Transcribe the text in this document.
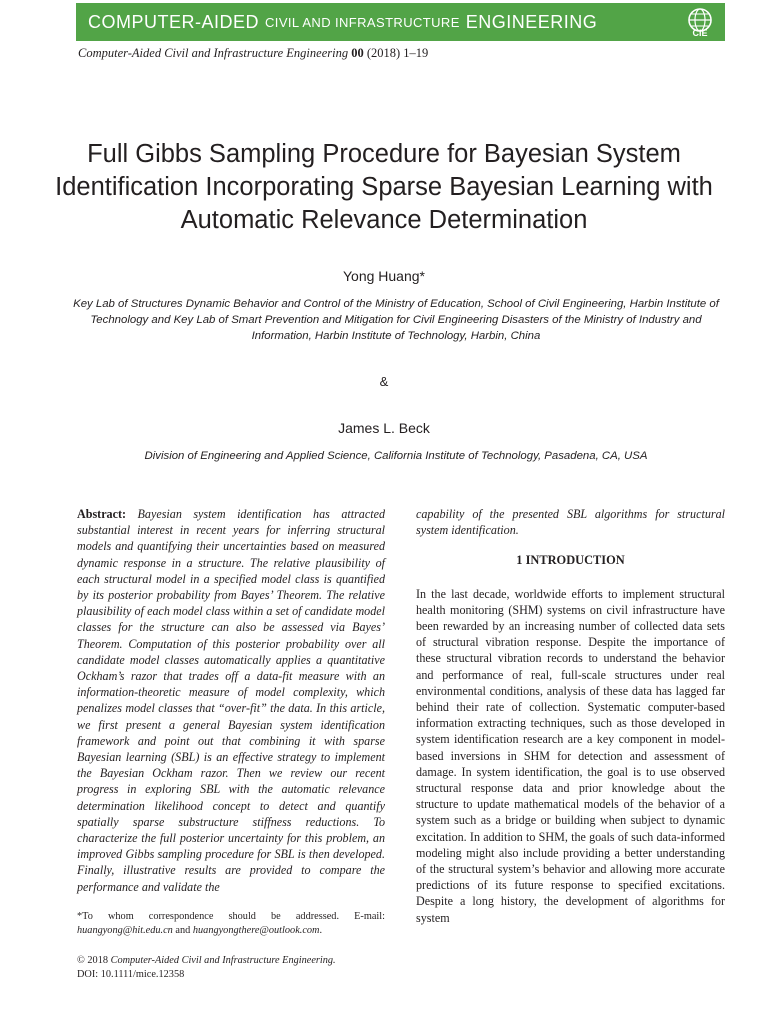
COMPUTER-AIDED CIVIL AND INFRASTRUCTURE ENGINEERING
CIE
Computer-Aided Civil and Infrastructure Engineering 00 (2018) 1–19
Full Gibbs Sampling Procedure for Bayesian System Identification Incorporating Sparse Bayesian Learning with Automatic Relevance Determination
Yong Huang*
Key Lab of Structures Dynamic Behavior and Control of the Ministry of Education, School of Civil Engineering, Harbin Institute of Technology and Key Lab of Smart Prevention and Mitigation for Civil Engineering Disasters of the Ministry of Industry and Information, Harbin Institute of Technology, Harbin, China
&
James L. Beck
Division of Engineering and Applied Science, California Institute of Technology, Pasadena, CA, USA

Abstract: Bayesian system identification has attracted substantial interest in recent years for inferring structural models and quantifying their uncertainties based on measured dynamic response in a structure. The relative plausibility of each structural model in a specified model class is quantified by its posterior probability from Bayes’ Theorem. The relative plausibility of each model class within a set of candidate model classes for the structure can also be assessed via Bayes’ Theorem. Computation of this posterior probability over all candidate model classes automatically applies a quantitative Ockham’s razor that trades off a data-fit measure with an information-theoretic measure of model complexity, which penalizes model classes that “over-fit” the data. In this article, we first present a general Bayesian system identification framework and point out that combining it with sparse Bayesian learning (SBL) is an effective strategy to implement the Bayesian Ockham razor. Then we review our recent progress in exploring SBL with the automatic relevance determination likelihood concept to detect and quantify spatially sparse substructure stiffness reductions. To characterize the full posterior uncertainty for this problem, an improved Gibbs sampling procedure for SBL is then developed. Finally, illustrative results are provided to compare the performance and validate the

capability of the presented SBL algorithms for structural system identification.

1 INTRODUCTION

In the last decade, worldwide efforts to implement structural health monitoring (SHM) systems on civil infrastructure have been rewarded by an increasing number of collected data sets of structural vibration response. Despite the importance of these structural vibration records to understand the behavior and performance of real, full-scale structures under real environmental conditions, analysis of these data has lagged far behind their rate of collection. Systematic computer-based information extracting techniques, such as those developed in system identification research are a key component in model-based inversions in SHM for detection and assessment of damage. In system identification, the goal is to use observed structural response data and prior knowledge about the structure to update mathematical models of the behavior of a system such as a bridge or building when subject to dynamic excitation. In addition to SHM, the goals of such data-informed modeling might also include providing a better understanding of the structural system’s behavior and allowing more accurate predictions of its future response to specified excitations. Despite a long history, the development of algorithms for system

*To whom correspondence should be addressed. E-mail: huangyong@hit.edu.cn and huangyongthere@outlook.com.
© 2018 Computer-Aided Civil and Infrastructure Engineering.
DOI: 10.1111/mice.12358
